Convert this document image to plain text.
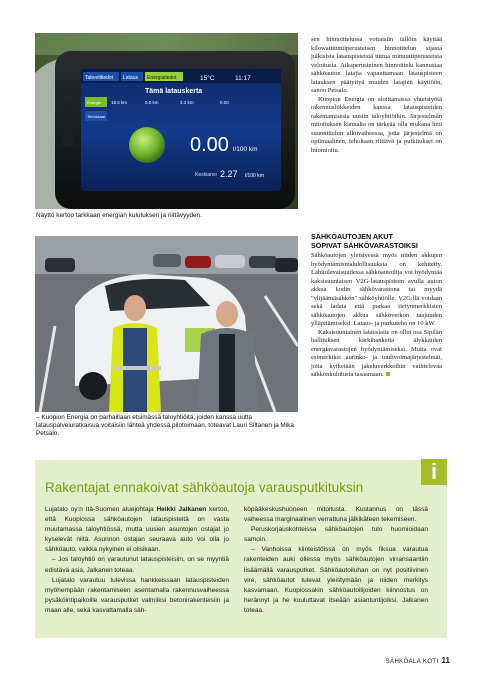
Tabvetitiedot Lataus Energiatiedot	15°C	11:17
Tämä latauskerta
Energia
Tehokkaat
18.5 km	0.0 km	3.3 km	0.00
0.00 l/100 km
Keskiarvo 2.27 l/100 km
Näyttö kertoo tarkkaan energian kulutuksen ja riittävyyden.
– Kuopion Energia on parhaillaan etsimässä taloyhtiöitä, joiden kanssa uutta latauspalveluratkaisua voitaisiin lähteä yhdessä pilotoimaan, toteavat Lauri Siltanen ja Mika Petsalo.

sen hinnoittelussa voitaisiin tällöin käyttää kilowattituntiperusteisen hinnoittelun sijasta julkisista latauspisteistä tuttua minuuttiperusteista veloitusta. Aikaperusteinen hinnoittelu kannustaa sähköauton latajia vapauttamaan latauspisteen latauksen päätyttyä muiden latajien käyttöön, sanoo Petsalo.

Kuopion Energia on aloittamassa yhteistyötä rakennusliikkeiden kanssa latauspisteiden rakentamisesta uusiin taloyhtiöihin. Järjestelmän mitoituksen kannalta on tärkeää olla mukana heti suunnittelun alkuvaiheessa, jotta järjestelmä on optimaalinen, teholtaan riittävä ja putkitukset on huomioitu.

SÄHKÖAUTOJEN AKUT
SOPIVAT SÄHKÖVARASTOIKSI

Sähköautojen yleistyessä myös niiden akkujen hyödyntämismahdollisuuksia on kehitetty. Lähitulevaisuudessa sähköautoilija voi hyödyntää kaksisuuntaisen V2G-latauspisteen avulla auton akkua kodin sähkövarastona tai myydä "ylijäämäsähkön" sähköyhtiölle. V2G:llä voidaan sekä ladata että purkaa tietynmerkkisten sähköautojen akkua sähköverkon taajuuden ylläpitämiseksi. Lataus- ja purkuteho on 10 kW.

Kaksisuuntainen latauslaite on ollut osa Sipilän hallituksen kärkihanketta älykkäiden energiavarastojen hyödyntämiseksi. Muita ovat esimerkiksi aurinko- ja tuulivoimajärjestelmät, joita kytketään jakeluverkkoihin vaihtelevaa sähkönkulutusta tasaamaan.

i
Rakentajat ennakoivat sähköautoja varausputkituksin

Lujatalo oy:n Itä-Suomen aluejohtaja Heikki Jalkanen kertoo, että Kuopiossa sähköautojen latauspisteitä on vasta muutamassa taloyhtiössä, mutta uusien asuntojen ostajat jo kyselevät niitä. Asunnon ostajan seuraava auto voi olla jo sähköauto, vaikka nykyinen ei olisikaan.

– Jos taloyhtiö on varautunut latauspisteisiin, on se myyntiä edistävä asia, Jalkanen toteaa.

Lujatalo varautuu tulevissa hankkeissaan latauspisteiden myöhempään rakentamiseen asentamalla rakennusvaiheessa pysäköintipaikoille varausputket valmiiksi betonirakenteisiin ja maan alle, sekä kasvattamalla säh-

köpääkeskushuoneen mitoitusta. Kustannus on tässä vaiheessa marginaalinen verrattuna jälkikäteen tekemiseen.

Peruskorjauskohteissa sähköautojen tulo huomioidaan samoin.

– Vanhoissa kiinteistöissä on myös fiksua varautua rakenteiden auki ollessa myös sähköautojen virransaantiin lisäämällä varausputket. Sähköautoiluhan on nyt positiivinen vire, sähköautot tulevat yleistymään ja niiden merkitys kasvamaan. Kuopiossakin sähköautoilijoiden kiinnostus on herännyt ja he kouluttavat itseään asiantuntijoiksi, Jalkanen toteaa.

SÄHKÖALA KOTI 11
